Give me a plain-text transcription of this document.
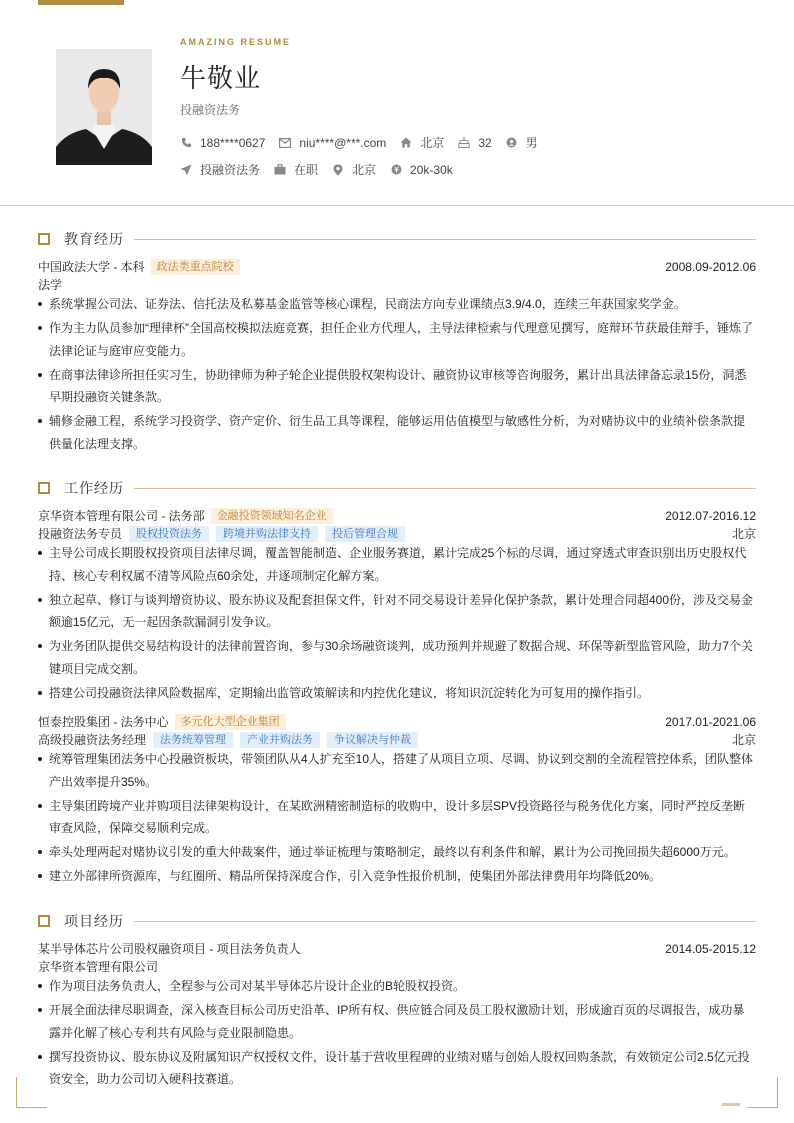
AMAZING RESUME
牛敬业
投融资法务
188****0627	niu****@***.com	北京	32	男
投融资法务	在职	北京	20k-30k
教育经历
中国政法大学 - 本科	政法类重点院校	2008.09-2012.06
法学
系统掌握公司法、证券法、信托法及私募基金监管等核心课程，民商法方向专业课绩点3.9/4.0，连续三年获国家奖学金。
作为主力队员参加“理律杯”全国高校模拟法庭竞赛，担任企业方代理人，主导法律检索与代理意见撰写，庭辩环节获最佳辩手，锤炼了法律论证与庭审应变能力。
在商事法律诊所担任实习生，协助律师为种子轮企业提供股权架构设计、融资协议审核等咨询服务，累计出具法律备忘录15份，洞悉早期投融资关键条款。
辅修金融工程，系统学习投资学、资产定价、衍生品工具等课程，能够运用估值模型与敏感性分析，为对赌协议中的业绩补偿条款提供量化法理支撑。
工作经历
京华资本管理有限公司 - 法务部	金融投资领域知名企业	2012.07-2016.12
投融资法务专员	股权投资法务	跨境并购法律支持	投后管理合规	北京
主导公司成长期股权投资项目法律尽调，覆盖智能制造、企业服务赛道，累计完成25个标的尽调，通过穿透式审查识别出历史股权代持、核心专利权属不清等风险点60余处，并逐项制定化解方案。
独立起草、修订与谈判增资协议、股东协议及配套担保文件，针对不同交易设计差异化保护条款，累计处理合同超400份，涉及交易金额逾15亿元，无一起因条款漏洞引发争议。
为业务团队提供交易结构设计的法律前置咨询，参与30余场融资谈判，成功预判并规避了数据合规、环保等新型监管风险，助力7个关键项目完成交割。
搭建公司投融资法律风险数据库，定期输出监管政策解读和内控优化建议，将知识沉淀转化为可复用的操作指引。
恒泰控股集团 - 法务中心	多元化大型企业集团	2017.01-2021.06
高级投融资法务经理	法务统筹管理	产业并购法务	争议解决与仲裁	北京
统筹管理集团法务中心投融资板块，带领团队从4人扩充至10人，搭建了从项目立项、尽调、协议到交割的全流程管控体系，团队整体产出效率提升35%。
主导集团跨境产业并购项目法律架构设计，在某欧洲精密制造标的收购中，设计多层SPV投资路径与税务优化方案，同时严控反垄断审查风险，保障交易顺利完成。
牵头处理两起对赌协议引发的重大仲裁案件，通过举证梳理与策略制定，最终以有利条件和解，累计为公司挽回损失超6000万元。
建立外部律所资源库，与红圈所、精品所保持深度合作，引入竞争性报价机制，使集团外部法律费用年均降低20%。
项目经历
某半导体芯片公司股权融资项目 - 项目法务负责人	2014.05-2015.12
京华资本管理有限公司
作为项目法务负责人，全程参与公司对某半导体芯片设计企业的B轮股权投资。
开展全面法律尽职调查，深入核查目标公司历史沿革、IP所有权、供应链合同及员工股权激励计划，形成逾百页的尽调报告，成功暴露并化解了核心专利共有风险与竞业限制隐患。
撰写投资协议、股东协议及附属知识产权授权文件，设计基于营收里程碑的业绩对赌与创始人股权回购条款，有效锁定公司2.5亿元投资安全，助力公司切入硬科技赛道。
